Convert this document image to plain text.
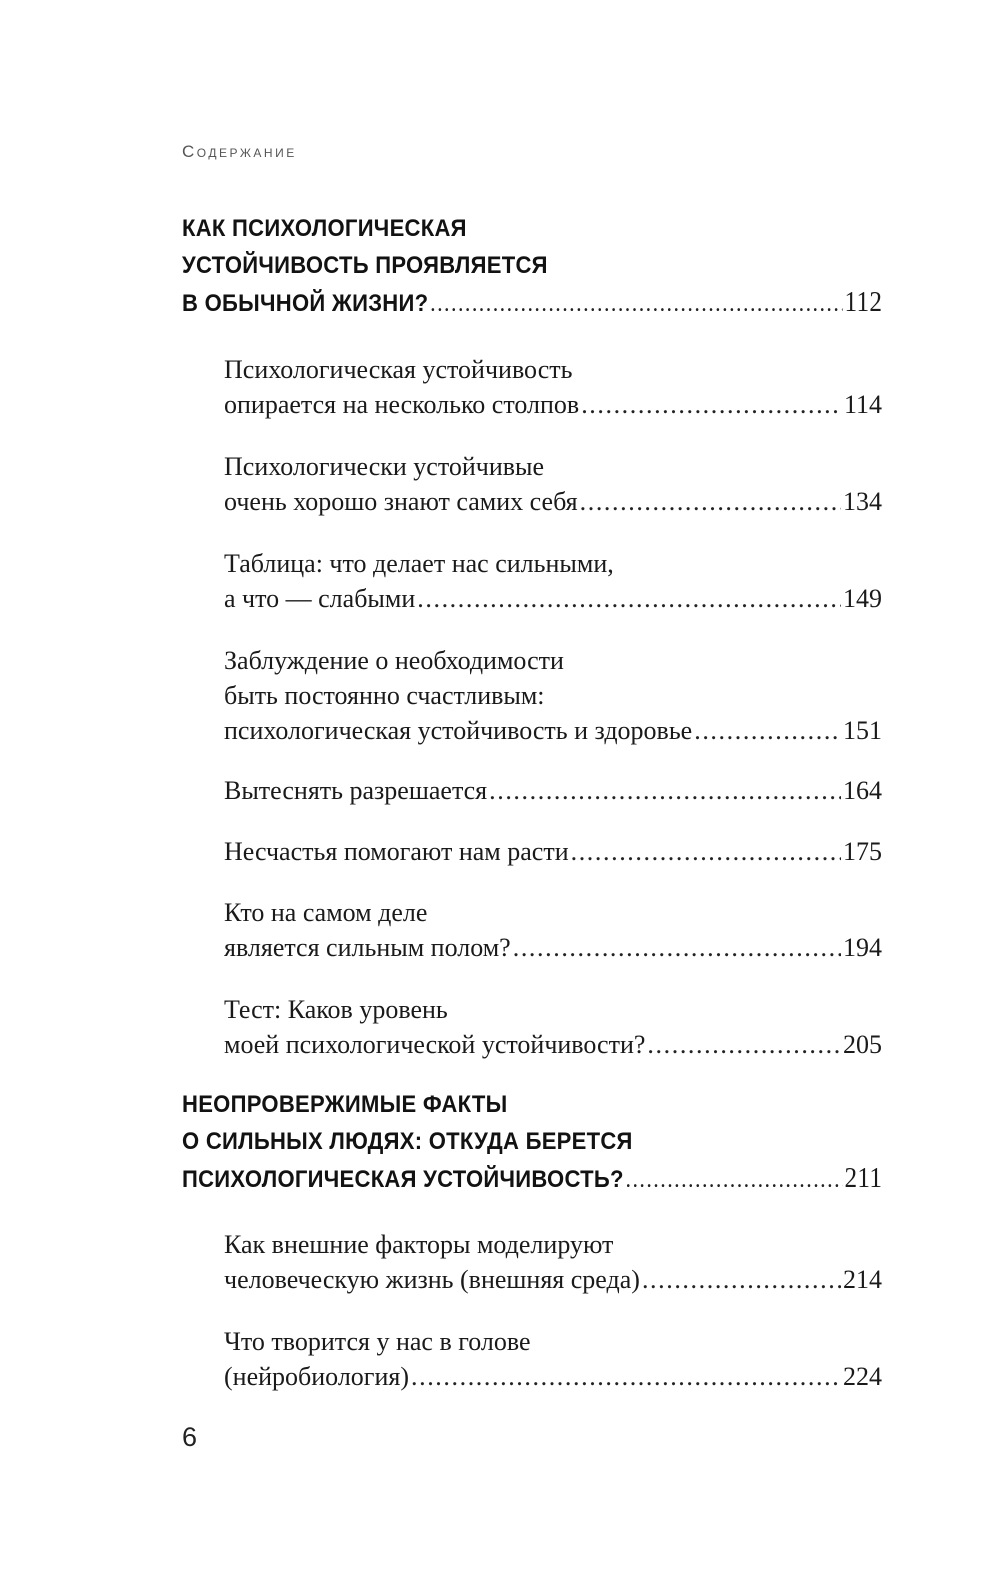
Содержание
КАК ПСИХОЛОГИЧЕСКАЯ
УСТОЙЧИВОСТЬ ПРОЯВЛЯЕТСЯ
В ОБЫЧНОЙ ЖИЗНИ? .....	112
Психологическая устойчивость
опирается на несколько столпов .....	114
Психологически устойчивые
очень хорошо знают самих себя .....	134
Таблица: что делает нас сильными,
а что — слабыми .....	149
Заблуждение о необходимости
быть постоянно счастливым:
психологическая устойчивость и здоровье .....	151
Вытеснять разрешается .....	164
Несчастья помогают нам расти .....	175
Кто на самом деле
является сильным полом? .....	194
Тест: Каков уровень
моей психологической устойчивости? .....	205
НЕОПРОВЕРЖИМЫЕ ФАКТЫ
О СИЛЬНЫХ ЛЮДЯХ: ОТКУДА БЕРЕТСЯ
ПСИХОЛОГИЧЕСКАЯ УСТОЙЧИВОСТЬ? .....	211
Как внешние факторы моделируют
человеческую жизнь (внешняя среда) .....	214
Что творится у нас в голове
(нейробиология) .....	224
6
